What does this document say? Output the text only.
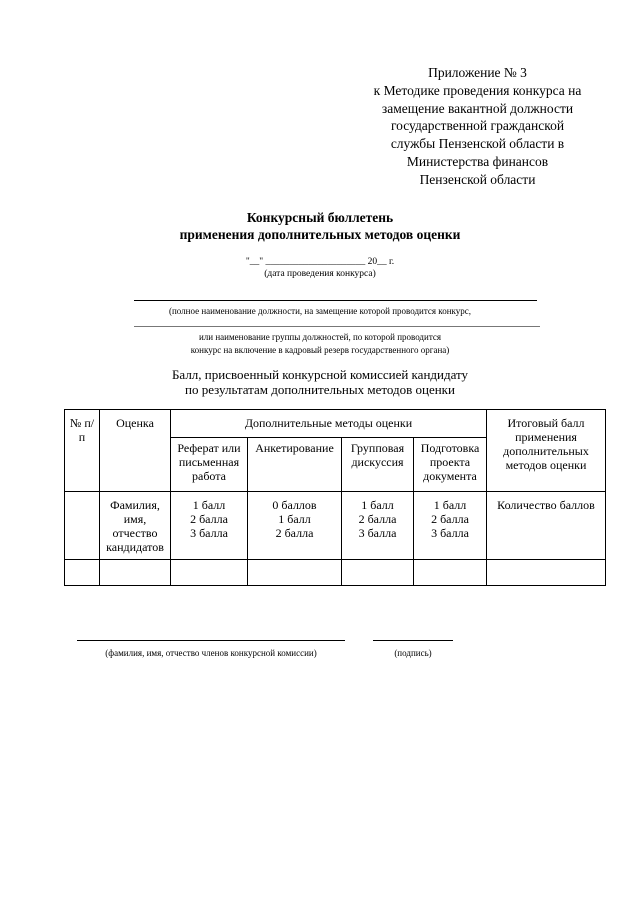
Приложение № 3
к Методике проведения конкурса на
замещение вакантной должности
государственной гражданской
службы Пензенской области в
Министерства финансов
Пензенской области
Конкурсный бюллетень
применения дополнительных методов оценки
"__" _____________________ 20__ г.
(дата проведения конкурса)
(полное наименование должности, на замещение которой проводится конкурс,
или наименование группы должностей, по которой проводится
конкурс на включение в кадровый резерв государственного органа)
Балл, присвоенный конкурсной комиссией кандидату
по результатам дополнительных методов оценки
№ п/п	Оценка	Дополнительные методы оценки				Итоговый балл применения дополнительных методов оценки
		Реферат или письменная работа	Анкетирование	Групповая дискуссия	Подготовка проекта документа	
	Фамилия, имя, отчество кандидатов	1 балл
2 балла
3 балла	0 баллов
1 балл
2 балла	1 балл
2 балла
3 балла	1 балл
2 балла
3 балла	Количество баллов

(фамилия, имя, отчество членов конкурсной комиссии)	(подпись)
